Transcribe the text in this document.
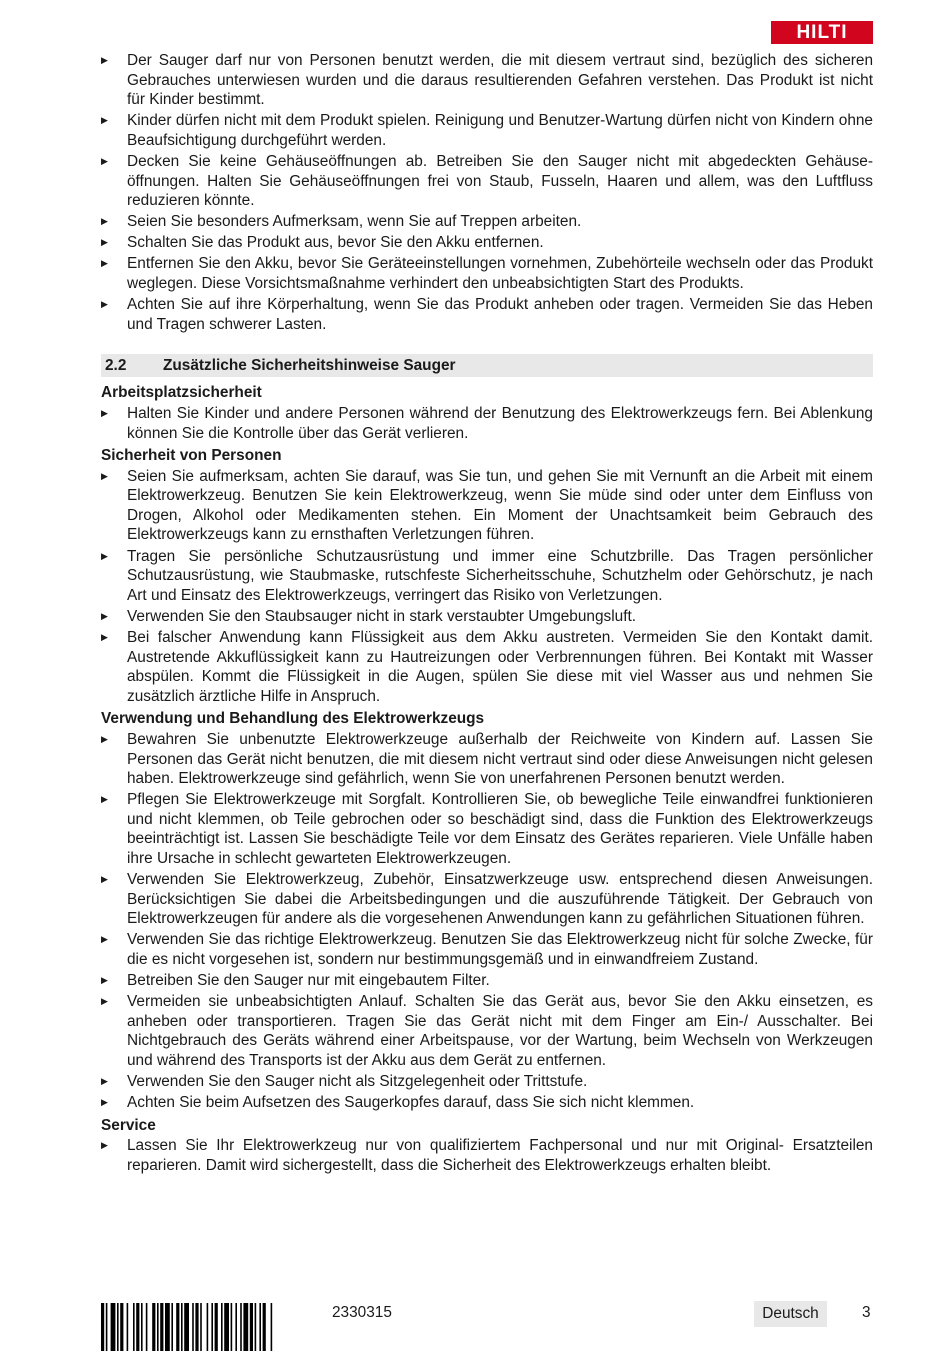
HILTI
▶ Der Sauger darf nur von Personen benutzt werden, die mit diesem vertraut sind, bezüglich des sicheren Gebrauches unterwiesen wurden und die daraus resultierenden Gefahren verstehen. Das Produkt ist nicht für Kinder bestimmt.
▶ Kinder dürfen nicht mit dem Produkt spielen. Reinigung und Benutzer-Wartung dürfen nicht von Kindern ohne Beaufsichtigung durchgeführt werden.
▶ Decken Sie keine Gehäuseöffnungen ab. Betreiben Sie den Sauger nicht mit abgedeckten Gehäuseöffnungen. Halten Sie Gehäuseöffnungen frei von Staub, Fusseln, Haaren und allem, was den Luftfluss reduzieren könnte.
▶ Seien Sie besonders Aufmerksam, wenn Sie auf Treppen arbeiten.
▶ Schalten Sie das Produkt aus, bevor Sie den Akku entfernen.
▶ Entfernen Sie den Akku, bevor Sie Geräteeinstellungen vornehmen, Zubehörteile wechseln oder das Produkt weglegen. Diese Vorsichtsmaßnahme verhindert den unbeabsichtigten Start des Produkts.
▶ Achten Sie auf ihre Körperhaltung, wenn Sie das Produkt anheben oder tragen. Vermeiden Sie das Heben und Tragen schwerer Lasten.
2.2	Zusätzliche Sicherheitshinweise Sauger
Arbeitsplatzsicherheit
▶ Halten Sie Kinder und andere Personen während der Benutzung des Elektrowerkzeugs fern. Bei Ablenkung können Sie die Kontrolle über das Gerät verlieren.
Sicherheit von Personen
▶ Seien Sie aufmerksam, achten Sie darauf, was Sie tun, und gehen Sie mit Vernunft an die Arbeit mit einem Elektrowerkzeug. Benutzen Sie kein Elektrowerkzeug, wenn Sie müde sind oder unter dem Einfluss von Drogen, Alkohol oder Medikamenten stehen. Ein Moment der Unachtsamkeit beim Gebrauch des Elektrowerkzeugs kann zu ernsthaften Verletzungen führen.
▶ Tragen Sie persönliche Schutzausrüstung und immer eine Schutzbrille. Das Tragen persönlicher Schutzausrüstung, wie Staubmaske, rutschfeste Sicherheitsschuhe, Schutzhelm oder Gehörschutz, je nach Art und Einsatz des Elektrowerkzeugs, verringert das Risiko von Verletzungen.
▶ Verwenden Sie den Staubsauger nicht in stark verstaubter Umgebungsluft.
▶ Bei falscher Anwendung kann Flüssigkeit aus dem Akku austreten. Vermeiden Sie den Kontakt damit. Austretende Akkuflüssigkeit kann zu Hautreizungen oder Verbrennungen führen. Bei Kontakt mit Wasser abspülen. Kommt die Flüssigkeit in die Augen, spülen Sie diese mit viel Wasser aus und nehmen Sie zusätzlich ärztliche Hilfe in Anspruch.
Verwendung und Behandlung des Elektrowerkzeugs
▶ Bewahren Sie unbenutzte Elektrowerkzeuge außerhalb der Reichweite von Kindern auf. Lassen Sie Personen das Gerät nicht benutzen, die mit diesem nicht vertraut sind oder diese Anweisungen nicht gelesen haben. Elektrowerkzeuge sind gefährlich, wenn Sie von unerfahrenen Personen benutzt werden.
▶ Pflegen Sie Elektrowerkzeuge mit Sorgfalt. Kontrollieren Sie, ob bewegliche Teile einwandfrei funktionieren und nicht klemmen, ob Teile gebrochen oder so beschädigt sind, dass die Funktion des Elektrowerkzeugs beeinträchtigt ist. Lassen Sie beschädigte Teile vor dem Einsatz des Gerätes reparieren. Viele Unfälle haben ihre Ursache in schlecht gewarteten Elektrowerkzeugen.
▶ Verwenden Sie Elektrowerkzeug, Zubehör, Einsatzwerkzeuge usw. entsprechend diesen Anweisungen. Berücksichtigen Sie dabei die Arbeitsbedingungen und die auszuführende Tätigkeit. Der Gebrauch von Elektrowerkzeugen für andere als die vorgesehenen Anwendungen kann zu gefährlichen Situationen führen.
▶ Verwenden Sie das richtige Elektrowerkzeug. Benutzen Sie das Elektrowerkzeug nicht für solche Zwecke, für die es nicht vorgesehen ist, sondern nur bestimmungsgemäß und in einwandfreiem Zustand.
▶ Betreiben Sie den Sauger nur mit eingebautem Filter.
▶ Vermeiden sie unbeabsichtigten Anlauf. Schalten Sie das Gerät aus, bevor Sie den Akku einsetzen, es anheben oder transportieren. Tragen Sie das Gerät nicht mit dem Finger am Ein-/ Ausschalter. Bei Nichtgebrauch des Geräts während einer Arbeitspause, vor der Wartung, beim Wechseln von Werkzeugen und während des Transports ist der Akku aus dem Gerät zu entfernen.
▶ Verwenden Sie den Sauger nicht als Sitzgelegenheit oder Trittstufe.
▶ Achten Sie beim Aufsetzen des Saugerkopfes darauf, dass Sie sich nicht klemmen.
Service
▶ Lassen Sie Ihr Elektrowerkzeug nur von qualifiziertem Fachpersonal und nur mit Original- Ersatzteilen reparieren. Damit wird sichergestellt, dass die Sicherheit des Elektrowerkzeugs erhalten bleibt.
2330315	Deutsch	3
